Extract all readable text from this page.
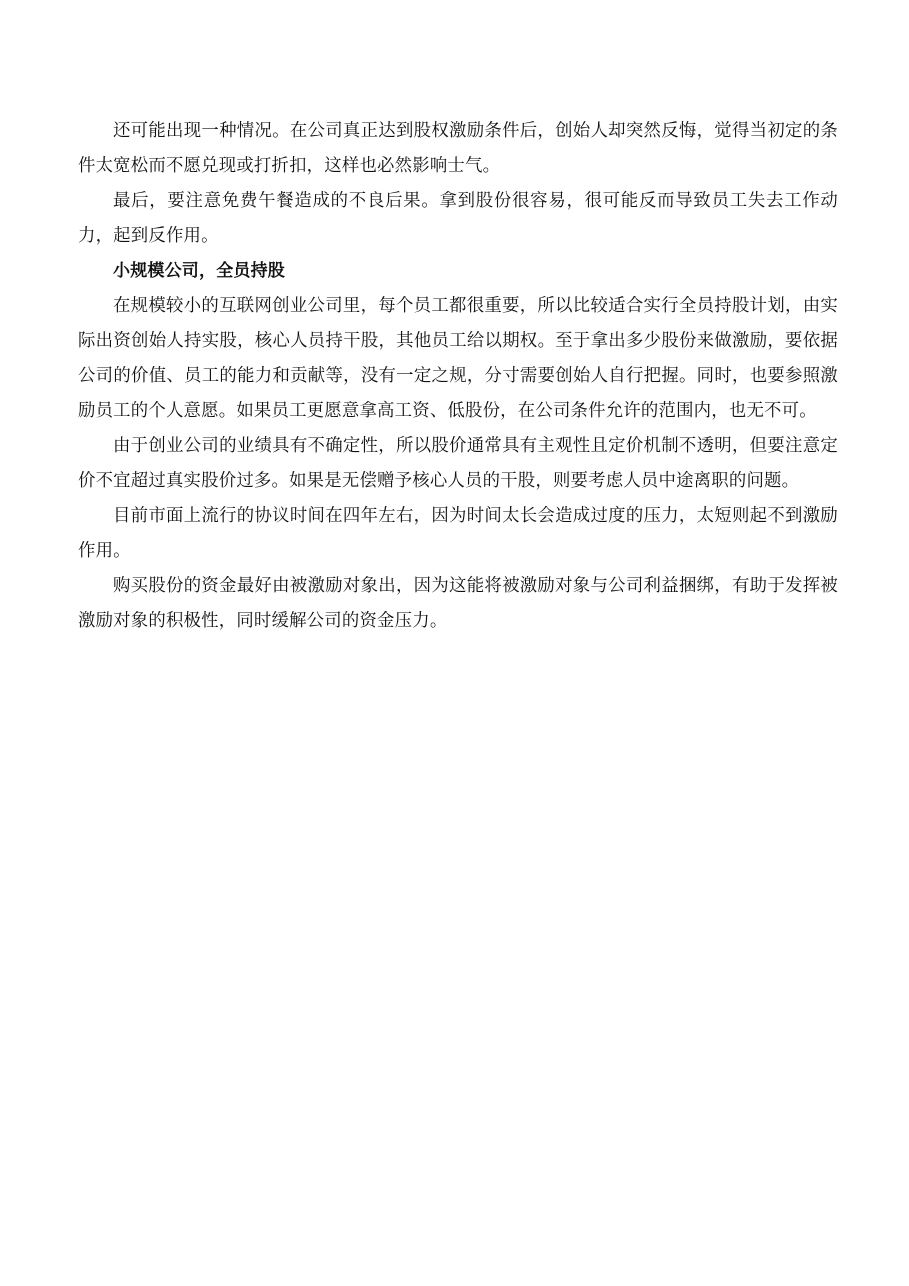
还可能出现一种情况。在公司真正达到股权激励条件后，创始人却突然反悔，觉得当初定的条件太宽松而不愿兑现或打折扣，这样也必然影响士气。

最后，要注意免费午餐造成的不良后果。拿到股份很容易，很可能反而导致员工失去工作动力，起到反作用。

小规模公司，全员持股

在规模较小的互联网创业公司里，每个员工都很重要，所以比较适合实行全员持股计划，由实际出资创始人持实股，核心人员持干股，其他员工给以期权。至于拿出多少股份来做激励，要依据公司的价值、员工的能力和贡献等，没有一定之规，分寸需要创始人自行把握。同时，也要参照激励员工的个人意愿。如果员工更愿意拿高工资、低股份，在公司条件允许的范围内，也无不可。

由于创业公司的业绩具有不确定性，所以股价通常具有主观性且定价机制不透明，但要注意定价不宜超过真实股价过多。如果是无偿赠予核心人员的干股，则要考虑人员中途离职的问题。

目前市面上流行的协议时间在四年左右，因为时间太长会造成过度的压力，太短则起不到激励作用。

购买股份的资金最好由被激励对象出，因为这能将被激励对象与公司利益捆绑，有助于发挥被激励对象的积极性，同时缓解公司的资金压力。
